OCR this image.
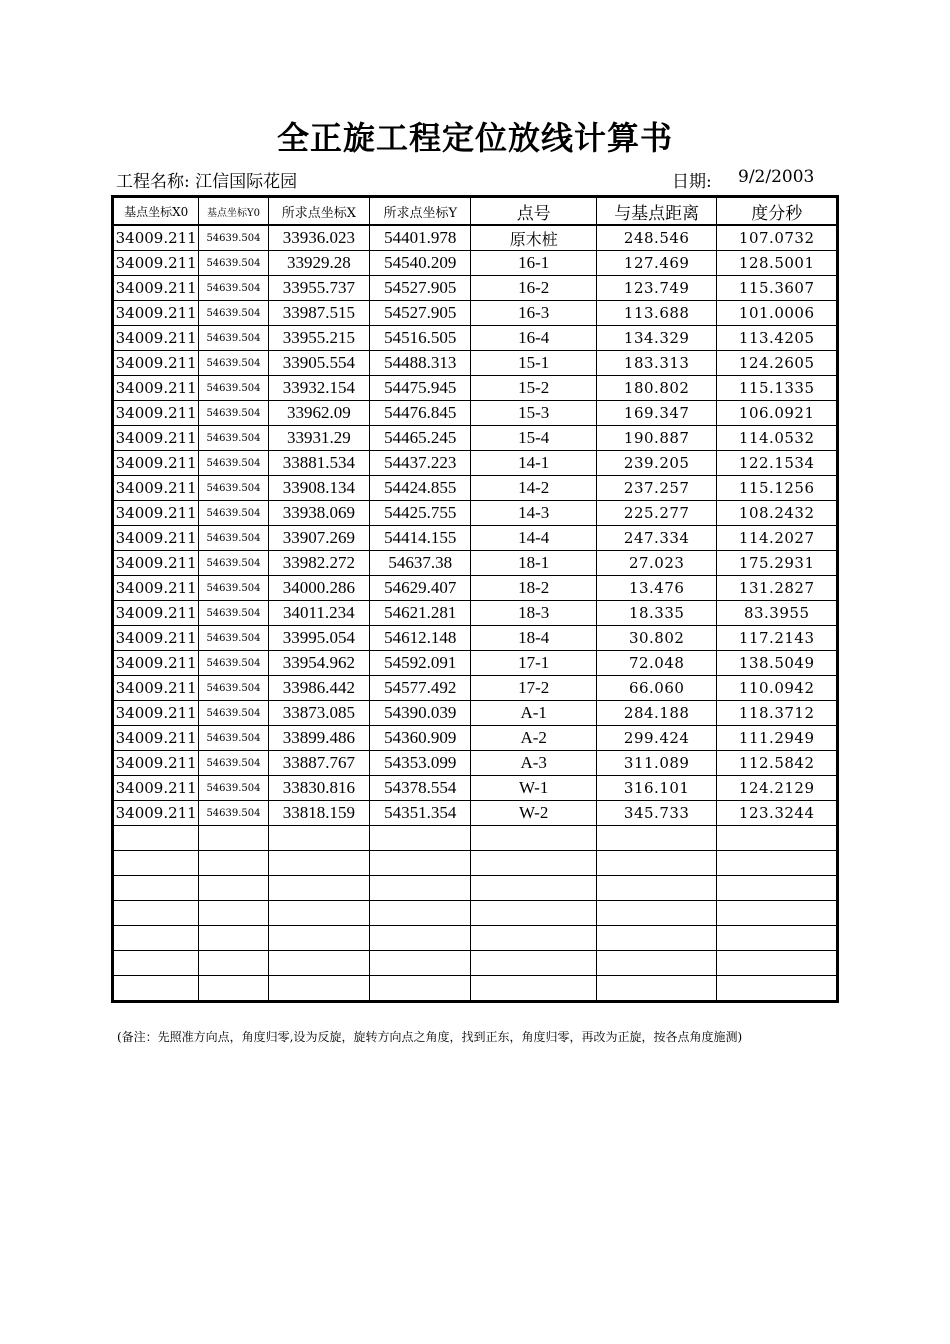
全正旋工程定位放线计算书
工程名称: 江信国际花园	日期: 9/2/2003
基点坐标X0	基点坐标Y0	所求点坐标X	所求点坐标Y	点号	与基点距离	度分秒
34009.211	54639.504	33936.023	54401.978	原木桩	248.546	107.0732
34009.211	54639.504	33929.28	54540.209	16-1	127.469	128.5001
34009.211	54639.504	33955.737	54527.905	16-2	123.749	115.3607
34009.211	54639.504	33987.515	54527.905	16-3	113.688	101.0006
34009.211	54639.504	33955.215	54516.505	16-4	134.329	113.4205
34009.211	54639.504	33905.554	54488.313	15-1	183.313	124.2605
34009.211	54639.504	33932.154	54475.945	15-2	180.802	115.1335
34009.211	54639.504	33962.09	54476.845	15-3	169.347	106.0921
34009.211	54639.504	33931.29	54465.245	15-4	190.887	114.0532
34009.211	54639.504	33881.534	54437.223	14-1	239.205	122.1534
34009.211	54639.504	33908.134	54424.855	14-2	237.257	115.1256
34009.211	54639.504	33938.069	54425.755	14-3	225.277	108.2432
34009.211	54639.504	33907.269	54414.155	14-4	247.334	114.2027
34009.211	54639.504	33982.272	54637.38	18-1	27.023	175.2931
34009.211	54639.504	34000.286	54629.407	18-2	13.476	131.2827
34009.211	54639.504	34011.234	54621.281	18-3	18.335	83.3955
34009.211	54639.504	33995.054	54612.148	18-4	30.802	117.2143
34009.211	54639.504	33954.962	54592.091	17-1	72.048	138.5049
34009.211	54639.504	33986.442	54577.492	17-2	66.060	110.0942
34009.211	54639.504	33873.085	54390.039	A-1	284.188	118.3712
34009.211	54639.504	33899.486	54360.909	A-2	299.424	111.2949
34009.211	54639.504	33887.767	54353.099	A-3	311.089	112.5842
34009.211	54639.504	33830.816	54378.554	W-1	316.101	124.2129
34009.211	54639.504	33818.159	54351.354	W-2	345.733	123.3244

(备注：先照准方向点，角度归零,设为反旋，旋转方向点之角度，找到正东，角度归零，再改为正旋，按各点角度施测)
